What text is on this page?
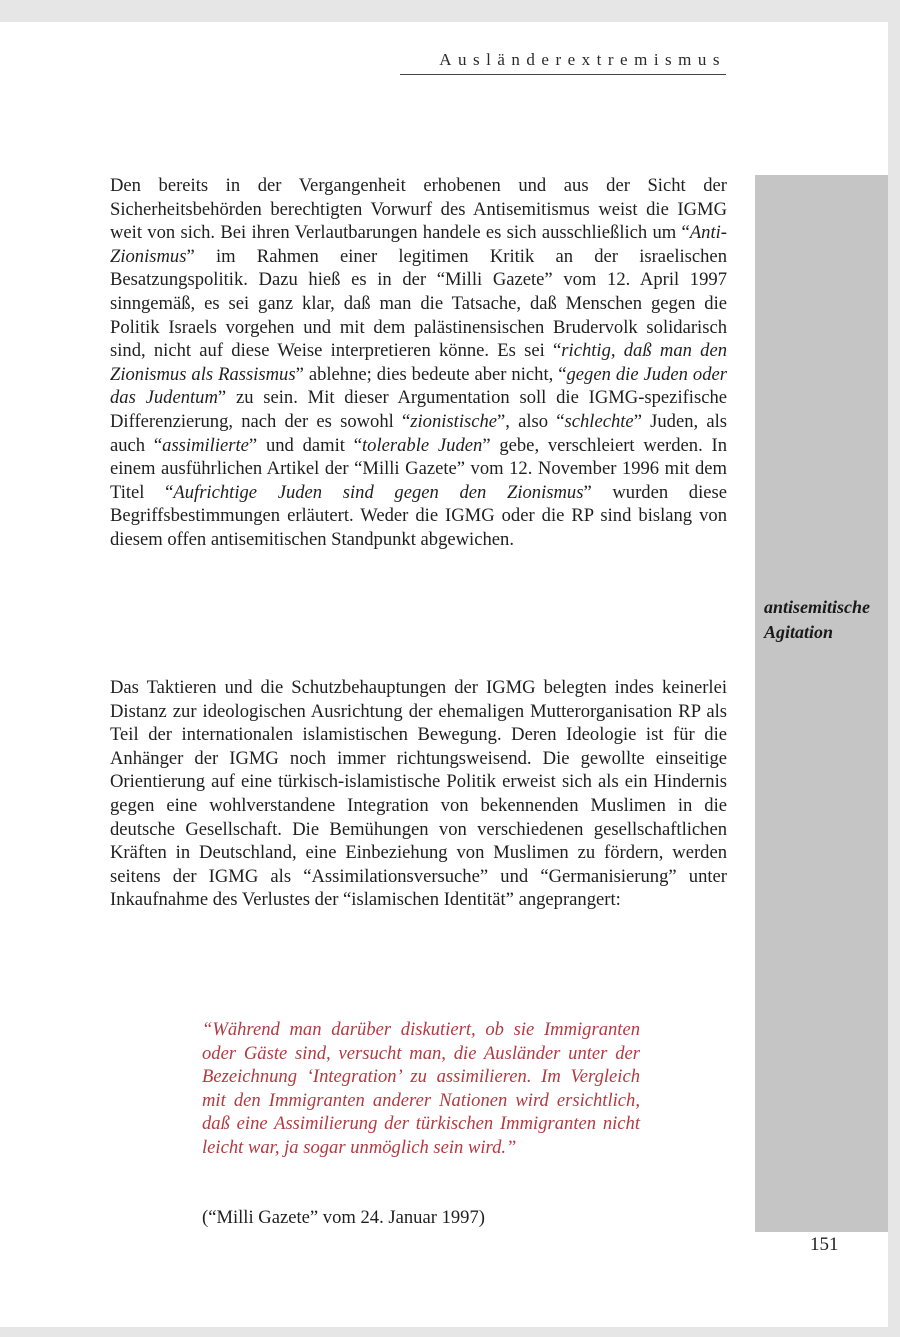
Ausländerextremismus

Den bereits in der Vergangenheit erhobenen und aus der Sicht der Sicherheitsbehörden berechtigten Vorwurf des Antisemitismus weist die IGMG weit von sich. Bei ihren Verlautbarungen handele es sich ausschließlich um “Anti-Zionismus” im Rahmen einer legitimen Kritik an der israelischen Besatzungspolitik. Dazu hieß es in der “Milli Gazete” vom 12. April 1997 sinngemäß, es sei ganz klar, daß man die Tatsache, daß Menschen gegen die Politik Israels vorgehen und mit dem palästinensischen Brudervolk solidarisch sind, nicht auf diese Weise interpretieren könne. Es sei “richtig, daß man den Zionismus als Rassismus” ablehne; dies bedeute aber nicht, “gegen die Juden oder das Judentum” zu sein. Mit dieser Argumentation soll die IGMG-spezifische Differenzierung, nach der es sowohl “zionistische”, also “schlechte” Juden, als auch “assimilierte” und damit “tolerable Juden” gebe, verschleiert werden. In einem ausführlichen Artikel der “Milli Gazete” vom 12. November 1996 mit dem Titel “Aufrichtige Juden sind gegen den Zionismus” wurden diese Begriffsbestimmungen erläutert. Weder die IGMG oder die RP sind bislang von diesem offen antisemitischen Standpunkt abgewichen.

antisemitische Agitation

Das Taktieren und die Schutzbehauptungen der IGMG belegten indes keinerlei Distanz zur ideologischen Ausrichtung der ehemaligen Mutterorganisation RP als Teil der internationalen islamistischen Bewegung. Deren Ideologie ist für die Anhänger der IGMG noch immer richtungsweisend. Die gewollte einseitige Orientierung auf eine türkisch-islamistische Politik erweist sich als ein Hindernis gegen eine wohlverstandene Integration von bekennenden Muslimen in die deutsche Gesellschaft. Die Bemühungen von verschiedenen gesellschaftlichen Kräften in Deutschland, eine Einbeziehung von Muslimen zu fördern, werden seitens der IGMG als “Assimilationsversuche” und “Germanisierung” unter Inkaufnahme des Verlustes der “islamischen Identität” angeprangert:

“Während man darüber diskutiert, ob sie Immigranten oder Gäste sind, versucht man, die Ausländer unter der Bezeichnung ‘Integration’ zu assimilieren. Im Vergleich mit den Immigranten anderer Nationen wird ersichtlich, daß eine Assimilierung der türkischen Immigranten nicht leicht war, ja sogar unmöglich sein wird.”

(“Milli Gazete” vom 24. Januar 1997)
151
